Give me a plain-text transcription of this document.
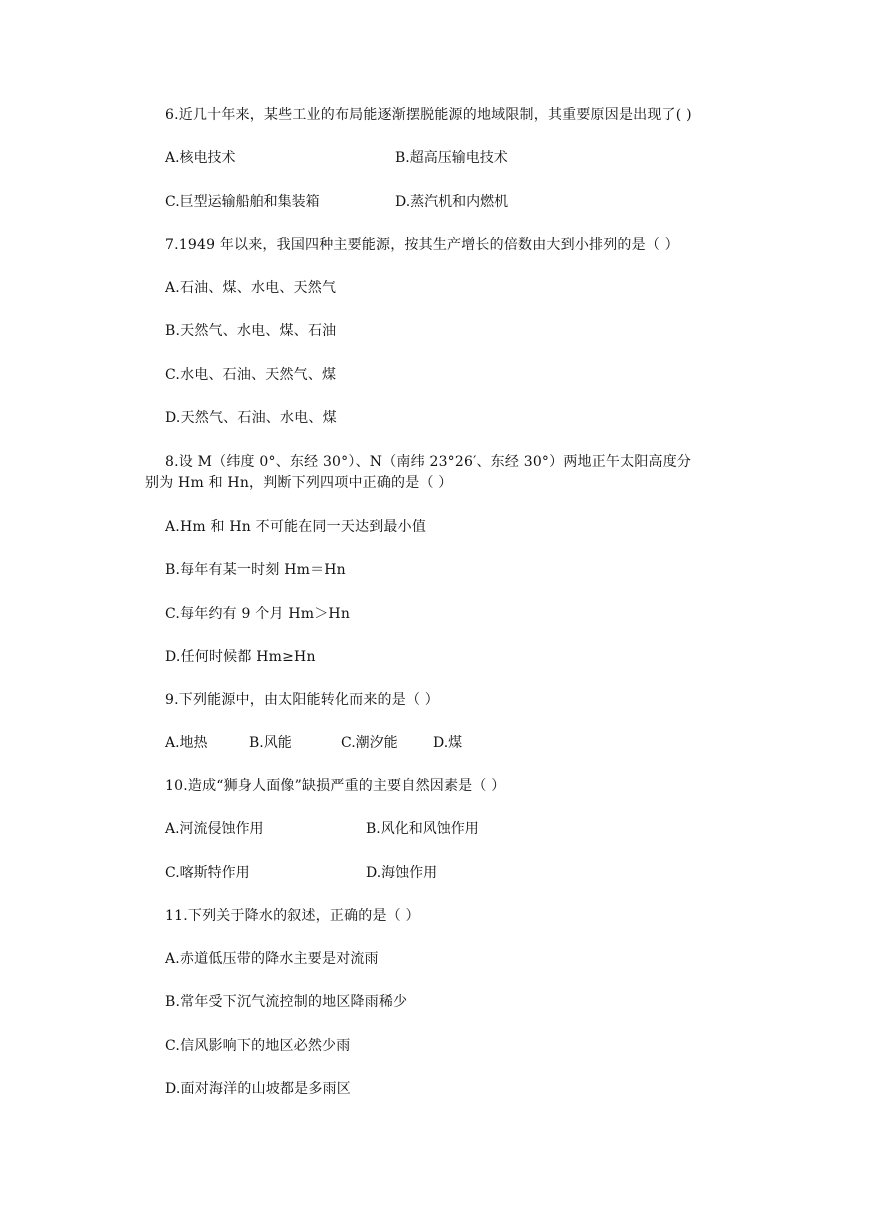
6.近几十年来，某些工业的布局能逐渐摆脱能源的地域限制，其重要原因是出现了( )
A.核电技术	B.超高压输电技术
C.巨型运输船舶和集装箱	D.蒸汽机和内燃机
7.1949 年以来，我国四种主要能源，按其生产增长的倍数由大到小排列的是（ ）
A.石油、煤、水电、天然气
B.天然气、水电、煤、石油
C.水电、石油、天然气、煤
D.天然气、石油、水电、煤
8.设 M（纬度 0°、东经 30°）、N（南纬 23°26′、东经 30°）两地正午太阳高度分
别为 Hm 和 Hn，判断下列四项中正确的是（ ）
A.Hm 和 Hn 不可能在同一天达到最小值
B.每年有某一时刻 Hm＝Hn
C.每年约有 9 个月 Hm＞Hn
D.任何时候都 Hm≥Hn
9.下列能源中，由太阳能转化而来的是（ ）
A.地热	B.风能	C.潮汐能	D.煤
10.造成“狮身人面像”缺损严重的主要自然因素是（ ）
A.河流侵蚀作用	B.风化和风蚀作用
C.喀斯特作用	D.海蚀作用
11.下列关于降水的叙述，正确的是（ ）
A.赤道低压带的降水主要是对流雨
B.常年受下沉气流控制的地区降雨稀少
C.信风影响下的地区必然少雨
D.面对海洋的山坡都是多雨区
